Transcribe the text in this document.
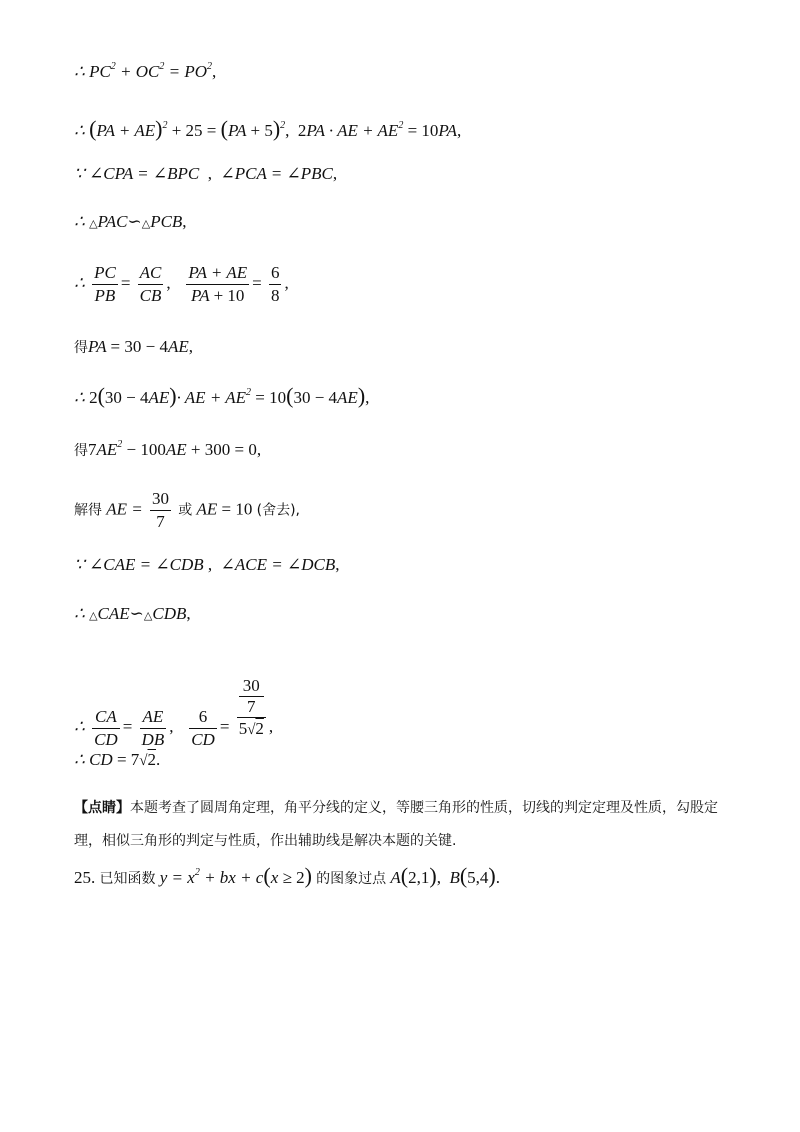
∴ $PC^2 + OC^2 = PO^2$,
∴ (PA + AE)$^2$ + 25 = (PA + 5)$^2$,  2PA · AE + $AE^2 = 10PA$,
∵ ∠CPA = ∠BPC , ∠PCA = ∠PBC,
∴ △PAC∽△PCB,
∴ $\frac{PC}{PB} = \frac{AC}{CB}$ , $\frac{PA + AE}{PA + 10} = \frac{6}{8}$ ,
得PA = 30 − 4AE,
∴ 2(30 − 4AE)· AE + $AE^2 = 10(30 - 4AE)$,
得$7AE^2 - 100AE + 300 = 0$,
解得 AE = $\frac{30}{7}$ 或 AE = 10 (舍去),
∵ ∠CAE = ∠CDB , ∠ACE = ∠DCB,
∴ △CAE∽△CDB,
∴ $\frac{CA}{CD} = \frac{AE}{DB}$ , $\frac{6}{CD} = 30$
7
5√2 ,
∴ CD = 7√2.
【点睛】本题考查了圆周角定理，角平分线的定义，等腰三角形的性质，切线的判定定理及性质，勾股定理，相似三角形的判定与性质，作出辅助线是解决本题的关键.
25. 已知函数 $y = x^2$ + bx + c(x ≥ 2) 的图象过点 A(2,1),  B(5,4).
